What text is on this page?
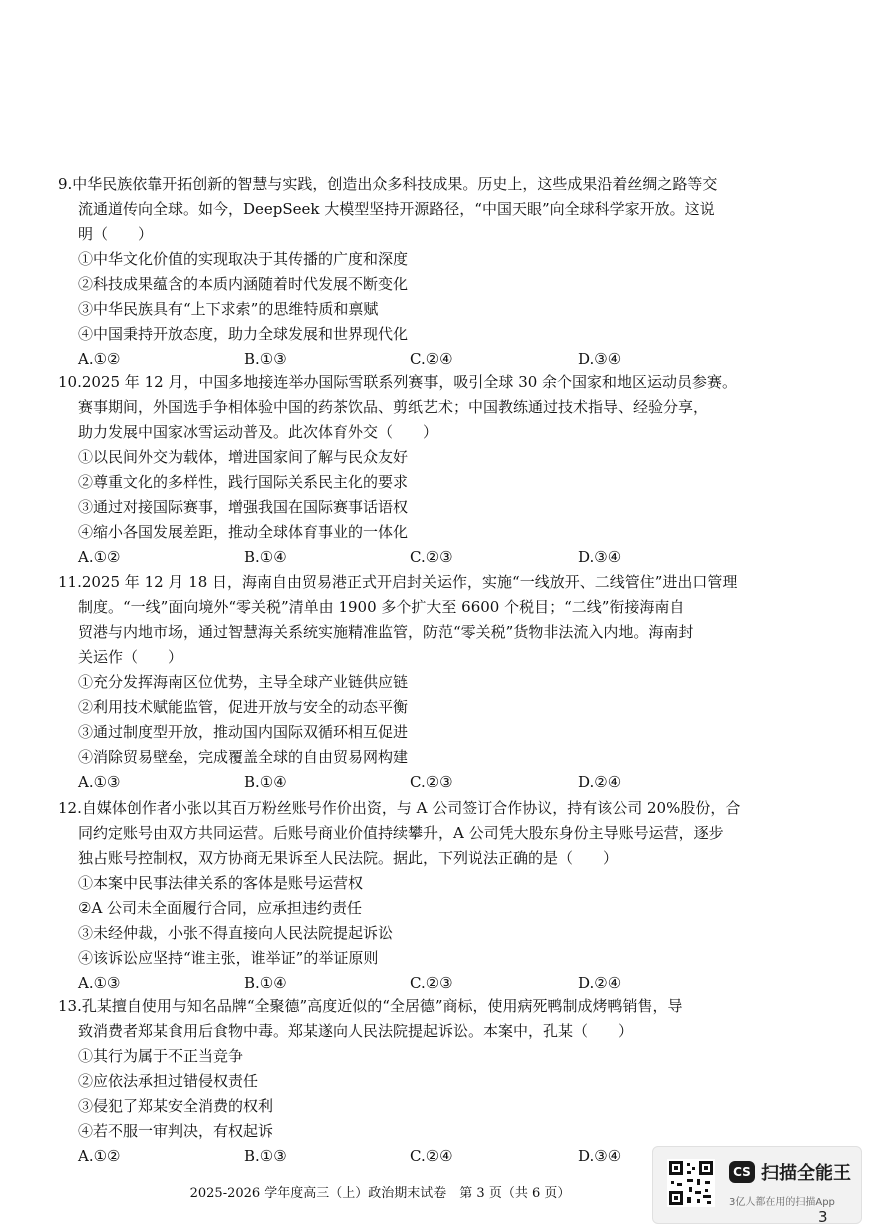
9.中华民族依靠开拓创新的智慧与实践，创造出众多科技成果。历史上，这些成果沿着丝绸之路等交
流通道传向全球。如今，DeepSeek 大模型坚持开源路径，“中国天眼”向全球科学家开放。这说
明（　　）
①中华文化价值的实现取决于其传播的广度和深度
②科技成果蕴含的本质内涵随着时代发展不断变化
③中华民族具有“上下求索”的思维特质和禀赋
④中国秉持开放态度，助力全球发展和世界现代化
A.①②	B.①③	C.②④	D.③④
10.2025 年 12 月，中国多地接连举办国际雪联系列赛事，吸引全球 30 余个国家和地区运动员参赛。
赛事期间，外国选手争相体验中国的药茶饮品、剪纸艺术；中国教练通过技术指导、经验分享，
助力发展中国家冰雪运动普及。此次体育外交（　　）
①以民间外交为载体，增进国家间了解与民众友好
②尊重文化的多样性，践行国际关系民主化的要求
③通过对接国际赛事，增强我国在国际赛事话语权
④缩小各国发展差距，推动全球体育事业的一体化
A.①②	B.①④	C.②③	D.③④
11.2025 年 12 月 18 日，海南自由贸易港正式开启封关运作，实施“一线放开、二线管住”进出口管理
制度。“一线”面向境外“零关税”清单由 1900 多个扩大至 6600 个税目；“二线”衔接海南自
贸港与内地市场，通过智慧海关系统实施精准监管，防范“零关税”货物非法流入内地。海南封
关运作（　　）
①充分发挥海南区位优势，主导全球产业链供应链
②利用技术赋能监管，促进开放与安全的动态平衡
③通过制度型开放，推动国内国际双循环相互促进
④消除贸易壁垒，完成覆盖全球的自由贸易网构建
A.①③	B.①④	C.②③	D.②④
12.自媒体创作者小张以其百万粉丝账号作价出资，与 A 公司签订合作协议，持有该公司 20%股份，合
同约定账号由双方共同运营。后账号商业价值持续攀升，A 公司凭大股东身份主导账号运营，逐步
独占账号控制权，双方协商无果诉至人民法院。据此，下列说法正确的是（　　）
①本案中民事法律关系的客体是账号运营权
②A 公司未全面履行合同，应承担违约责任
③未经仲裁，小张不得直接向人民法院提起诉讼
④该诉讼应坚持“谁主张，谁举证”的举证原则
A.①③	B.①④	C.②③	D.②④
13.孔某擅自使用与知名品牌“全聚德”高度近似的“全居德”商标，使用病死鸭制成烤鸭销售，导
致消费者郑某食用后食物中毒。郑某遂向人民法院提起诉讼。本案中，孔某（　　）
①其行为属于不正当竞争
②应依法承担过错侵权责任
③侵犯了郑某安全消费的权利
④若不服一审判决，有权起诉
A.①②	B.①③	C.②④	D.③④
2025-2026 学年度高三（上）政治期末试卷　第 3 页（共 6 页）
CS 扫描全能王
3亿人都在用的扫描App
3
